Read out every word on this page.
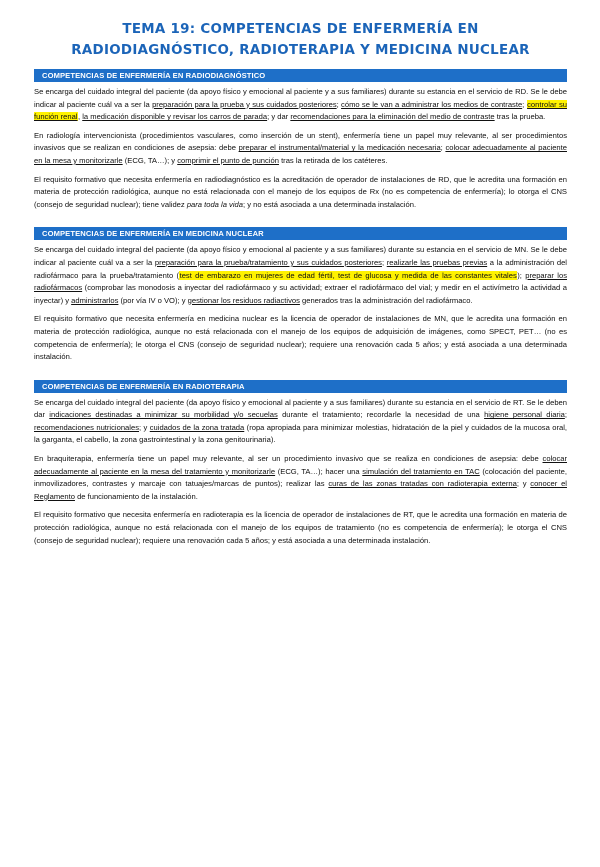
TEMA 19: COMPETENCIAS DE ENFERMERÍA EN
RADIODIAGNÓSTICO, RADIOTERAPIA Y MEDICINA NUCLEAR
COMPETENCIAS DE ENFERMERÍA EN RADIODIAGNÓSTICO

Se encarga del cuidado integral del paciente (da apoyo físico y emocional al paciente y a sus familiares) durante su estancia en el servicio de RD. Se le debe indicar al paciente cuál va a ser la preparación para la prueba y sus cuidados posteriores; cómo se le van a administrar los medios de contraste; controlar su función renal, la medicación disponible y revisar los carros de parada; y dar recomendaciones para la eliminación del medio de contraste tras la prueba.

En radiología intervencionista (procedimientos vasculares, como inserción de un stent), enfermería tiene un papel muy relevante, al ser procedimientos invasivos que se realizan en condiciones de asepsia: debe preparar el instrumental/material y la medicación necesaria; colocar adecuadamente al paciente en la mesa y monitorizarle (ECG, TA…); y comprimir el punto de punción tras la retirada de los catéteres.

El requisito formativo que necesita enfermería en radiodiagnóstico es la acreditación de operador de instalaciones de RD, que le acredita una formación en materia de protección radiológica, aunque no está relacionada con el manejo de los equipos de Rx (no es competencia de enfermería); lo otorga el CNS (consejo de seguridad nuclear); tiene validez para toda la vida; y no está asociada a una determinada instalación.

COMPETENCIAS DE ENFERMERÍA EN MEDICINA NUCLEAR

Se encarga del cuidado integral del paciente (da apoyo físico y emocional al paciente y a sus familiares) durante su estancia en el servicio de MN. Se le debe indicar al paciente cuál va a ser la preparación para la prueba/tratamiento y sus cuidados posteriores; realizarle las pruebas previas a la administración del radiofármaco para la prueba/tratamiento (test de embarazo en mujeres de edad fértil, test de glucosa y medida de las constantes vitales); preparar los radiofármacos (comprobar las monodosis a inyectar del radiofármaco y su actividad; extraer el radiofármaco del vial; y medir en el activímetro la actividad a inyectar) y administrarlos (por vía IV o VO); y gestionar los residuos radiactivos generados tras la administración del radiofármaco.

El requisito formativo que necesita enfermería en medicina nuclear es la licencia de operador de instalaciones de MN, que le acredita una formación en materia de protección radiológica, aunque no está relacionada con el manejo de los equipos de adquisición de imágenes, como SPECT, PET… (no es competencia de enfermería); le otorga el CNS (consejo de seguridad nuclear); requiere una renovación cada 5 años; y está asociada a una determinada instalación.

COMPETENCIAS DE ENFERMERÍA EN RADIOTERAPIA

Se encarga del cuidado integral del paciente (da apoyo físico y emocional al paciente y a sus familiares) durante su estancia en el servicio de RT. Se le deben dar indicaciones destinadas a minimizar su morbilidad y/o secuelas durante el tratamiento; recordarle la necesidad de una higiene personal diaria; recomendaciones nutricionales; y cuidados de la zona tratada (ropa apropiada para minimizar molestias, hidratación de la piel y cuidados de la mucosa oral, la garganta, el cabello, la zona gastrointestinal y la zona genitourinaria).

En braquiterapia, enfermería tiene un papel muy relevante, al ser un procedimiento invasivo que se realiza en condiciones de asepsia: debe colocar adecuadamente al paciente en la mesa del tratamiento y monitorizarle (ECG, TA…); hacer una simulación del tratamiento en TAC (colocación del paciente, inmovilizadores, contrastes y marcaje con tatuajes/marcas de puntos); realizar las curas de las zonas tratadas con radioterapia externa; y conocer el Reglamento de funcionamiento de la instalación.

El requisito formativo que necesita enfermería en radioterapia es la licencia de operador de instalaciones de RT, que le acredita una formación en materia de protección radiológica, aunque no está relacionada con el manejo de los equipos de tratamiento (no es competencia de enfermería); le otorga el CNS (consejo de seguridad nuclear); requiere una renovación cada 5 años; y está asociada a una determinada instalación.
